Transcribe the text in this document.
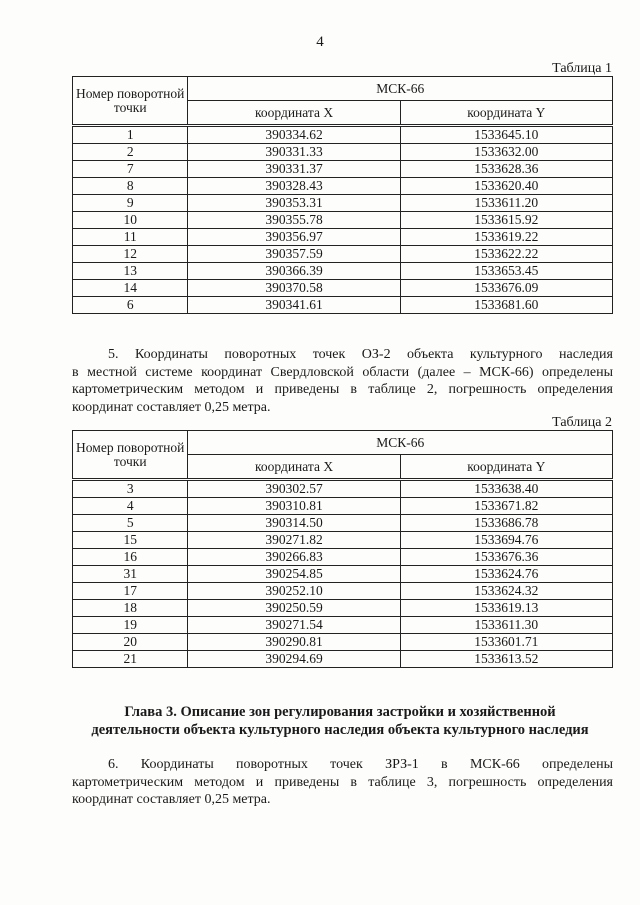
4
Таблица 1
Номер поворотной точки	МСК-66	
	координата X	координата Y
1	390334.62	1533645.10
2	390331.33	1533632.00
7	390331.37	1533628.36
8	390328.43	1533620.40
9	390353.31	1533611.20
10	390355.78	1533615.92
11	390356.97	1533619.22
12	390357.59	1533622.22
13	390366.39	1533653.45
14	390370.58	1533676.09
6	390341.61	1533681.60
5. Координаты поворотных точек ОЗ-2 объекта культурного наследия
в местной системе координат Свердловской области (далее – МСК-66) определены
картометрическим методом и приведены в таблице 2, погрешность определения
координат составляет 0,25 метра.
Таблица 2
Номер поворотной точки	МСК-66	
	координата X	координата Y
3	390302.57	1533638.40
4	390310.81	1533671.82
5	390314.50	1533686.78
15	390271.82	1533694.76
16	390266.83	1533676.36
31	390254.85	1533624.76
17	390252.10	1533624.32
18	390250.59	1533619.13
19	390271.54	1533611.30
20	390290.81	1533601.71
21	390294.69	1533613.52
Глава 3. Описание зон регулирования застройки и хозяйственной
деятельности объекта культурного наследия объекта культурного наследия
6. Координаты поворотных точек ЗРЗ-1 в МСК-66 определены
картометрическим методом и приведены в таблице 3, погрешность определения
координат составляет 0,25 метра.
